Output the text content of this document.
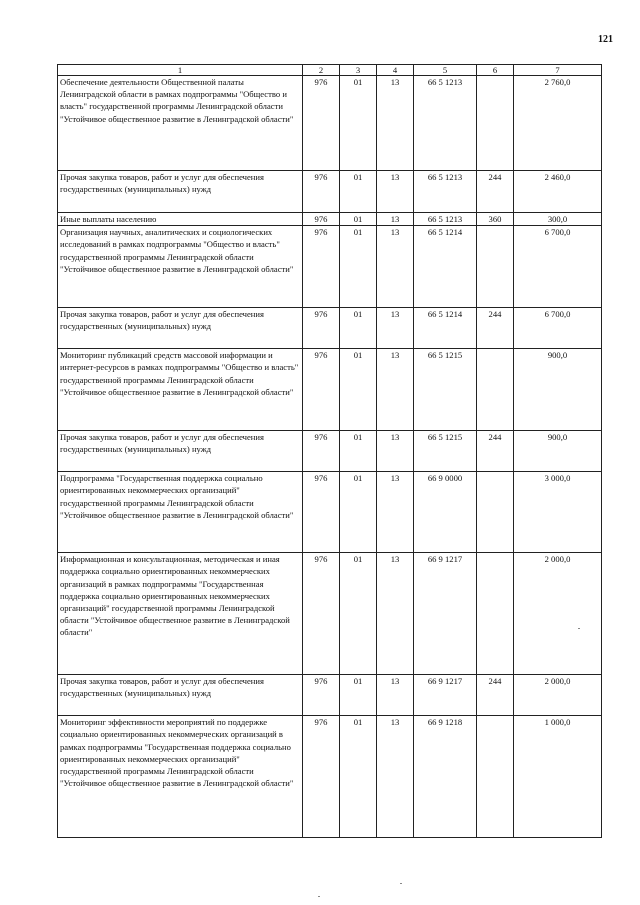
121
1	2	3	4	5	6	7
Обеспечение деятельности Общественной палаты Ленинградской области в рамках подпрограммы "Общество и власть" государственной программы Ленинградской области "Устойчивое общественное развитие в Ленинградской области"	976	01	13	66 5 1213		2 760,0
Прочая закупка товаров, работ и услуг для обеспечения государственных (муниципальных) нужд	976	01	13	66 5 1213	244	2 460,0
Иные выплаты населению	976	01	13	66 5 1213	360	300,0
Организация научных, аналитических и социологических исследований в рамках подпрограммы "Общество и власть" государственной программы Ленинградской области "Устойчивое общественное развитие в Ленинградской области"	976	01	13	66 5 1214		6 700,0
Прочая закупка товаров, работ и услуг для обеспечения государственных (муниципальных) нужд	976	01	13	66 5 1214	244	6 700,0
Мониторинг публикаций средств массовой информации и интернет-ресурсов в рамках подпрограммы "Общество и власть" государственной программы Ленинградской области "Устойчивое общественное развитие в Ленинградской области"	976	01	13	66 5 1215		900,0
Прочая закупка товаров, работ и услуг для обеспечения государственных (муниципальных) нужд	976	01	13	66 5 1215	244	900,0
Подпрограмма "Государственная поддержка социально ориентированных некоммерческих организаций" государственной программы Ленинградской области "Устойчивое общественное развитие в Ленинградской области"	976	01	13	66 9 0000		3 000,0
Информационная и консультационная, методическая и иная поддержка социально ориентированных некоммерческих организаций в рамках подпрограммы "Государственная поддержка социально ориентированных некоммерческих организаций" государственной программы Ленинградской области "Устойчивое общественное развитие в Ленинградской области"	976	01	13	66 9 1217		2 000,0
Прочая закупка товаров, работ и услуг для обеспечения государственных (муниципальных) нужд	976	01	13	66 9 1217	244	2 000,0
Мониторинг эффективности мероприятий по поддержке социально ориентированных некоммерческих организаций в рамках подпрограммы "Государственная поддержка социально ориентированных некоммерческих организаций" государственной программы Ленинградской области "Устойчивое общественное развитие в Ленинградской области"	976	01	13	66 9 1218		1 000,0
